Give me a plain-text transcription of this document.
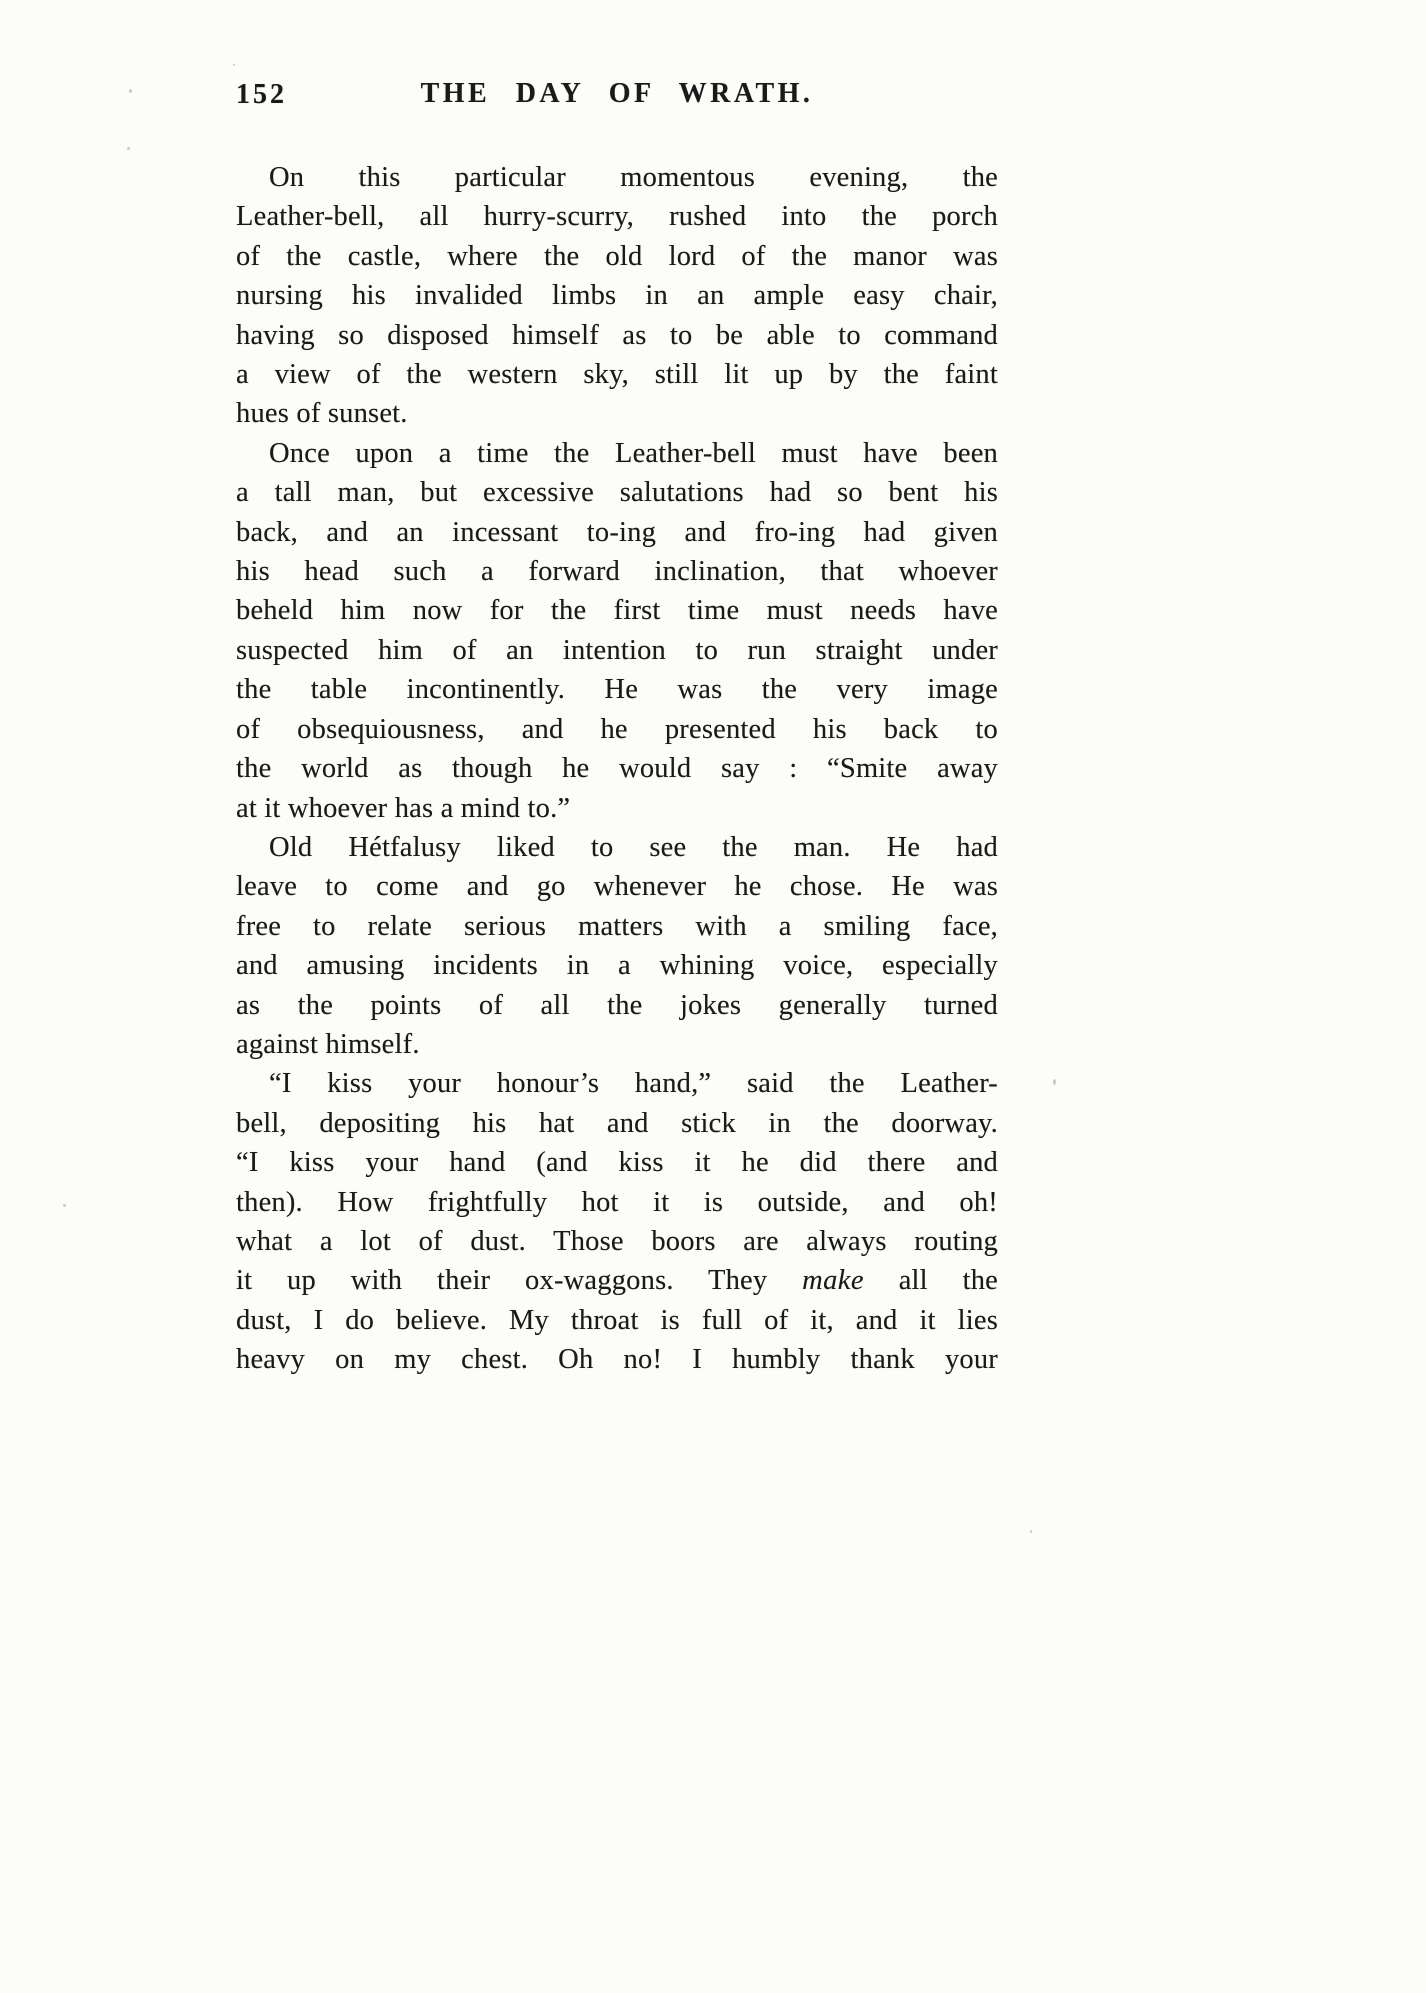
152	THE DAY OF WRATH.
On this particular momentous evening, the
Leather-bell, all hurry-scurry, rushed into the porch
of the castle, where the old lord of the manor was
nursing his invalided limbs in an ample easy chair,
having so disposed himself as to be able to command
a view of the western sky, still lit up by the faint
hues of sunset.
Once upon a time the Leather-bell must have been
a tall man, but excessive salutations had so bent his
back, and an incessant to-ing and fro-ing had given
his head such a forward inclination, that whoever
beheld him now for the first time must needs have
suspected him of an intention to run straight under
the table incontinently. He was the very image
of obsequiousness, and he presented his back to
the world as though he would say : “Smite away
at it whoever has a mind to.”
Old Hétfalusy liked to see the man. He had
leave to come and go whenever he chose. He was
free to relate serious matters with a smiling face,
and amusing incidents in a whining voice, especially
as the points of all the jokes generally turned
against himself.
“I kiss your honour’s hand,” said the Leather-
bell, depositing his hat and stick in the doorway.
“I kiss your hand (and kiss it he did there and
then). How frightfully hot it is outside, and oh!
what a lot of dust. Those boors are always routing
it up with their ox-waggons. They make all the
dust, I do believe. My throat is full of it, and it lies
heavy on my chest. Oh no! I humbly thank your
